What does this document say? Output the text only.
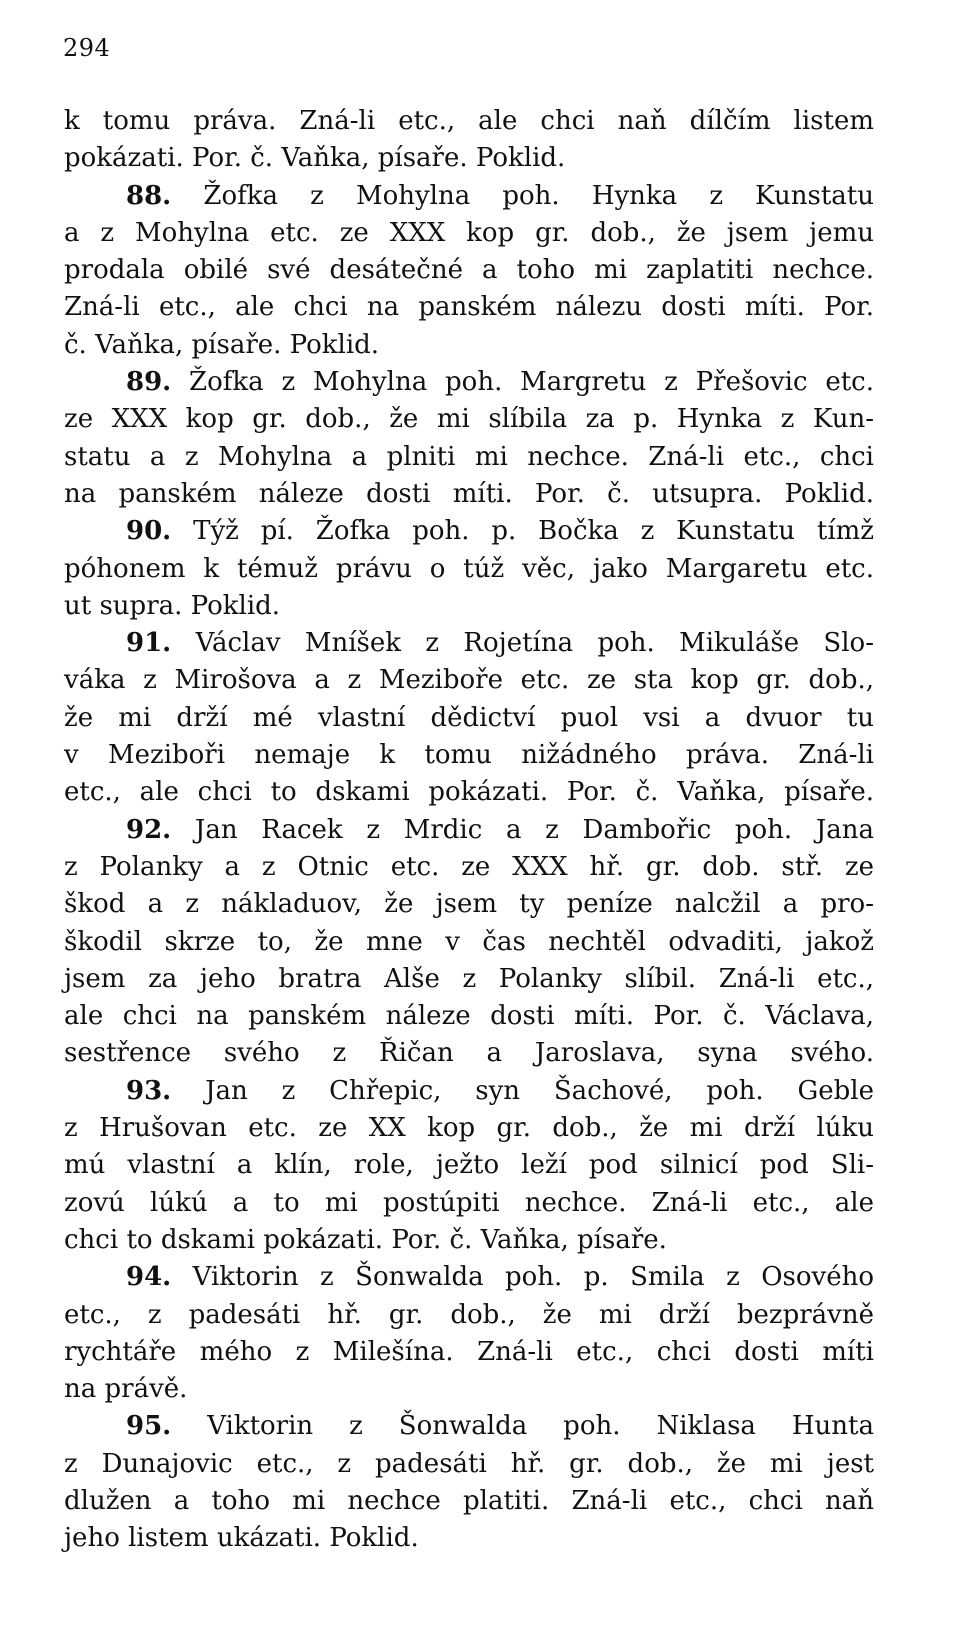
294
k tomu práva. Zná-li etc., ale chci naň dílčím listem
pokázati. Por. č. Vaňka, písaře. Poklid.
88. Žofka z Mohylna poh. Hynka z Kunstatu
a z Mohylna etc. ze XXX kop gr. dob., že jsem jemu
prodala obilé své desátečné a toho mi zaplatiti nechce.
Zná-li etc., ale chci na panském nálezu dosti míti. Por.
č. Vaňka, písaře. Poklid.
89. Žofka z Mohylna poh. Margretu z Přešovic etc.
ze XXX kop gr. dob., že mi slíbila za p. Hynka z Kun-
statu a z Mohylna a plniti mi nechce. Zná-li etc., chci
na panském náleze dosti míti. Por. č. utsupra. Poklid.
90. Týž pí. Žofka poh. p. Bočka z Kunstatu tímž
póhonem k témuž právu o túž věc, jako Margaretu etc.
ut supra. Poklid.
91. Václav Mníšek z Rojetína poh. Mikuláše Slo-
váka z Mirošova a z Meziboře etc. ze sta kop gr. dob.,
že mi drží mé vlastní dědictví puol vsi a dvuor tu
v Meziboři nemaje k tomu nižádného práva. Zná-li
etc., ale chci to dskami pokázati. Por. č. Vaňka, písaře.
92. Jan Racek z Mrdic a z Dambořic poh. Jana
z Polanky a z Otnic etc. ze XXX hř. gr. dob. stř. ze
škod a z nákladuov, že jsem ty peníze nalcžil a pro-
škodil skrze to, že mne v čas nechtěl odvaditi, jakož
jsem za jeho bratra Alše z Polanky slíbil. Zná-li etc.,
ale chci na panském náleze dosti míti. Por. č. Václava,
sestřence svého z Řičan a Jaroslava, syna svého.
93. Jan z Chřepic, syn Šachové, poh. Geble
z Hrušovan etc. ze XX kop gr. dob., že mi drží lúku
mú vlastní a klín, role, ježto leží pod silnicí pod Sli-
zovú lúkú a to mi postúpiti nechce. Zná-li etc., ale
chci to dskami pokázati. Por. č. Vaňka, písaře.
94. Viktorin z Šonwalda poh. p. Smila z Osového
etc., z padesáti hř. gr. dob., že mi drží bezprávně
rychtáře mého z Milešína. Zná-li etc., chci dosti míti
na právě.
95. Viktorin z Šonwalda poh. Niklasa Hunta
z Dunajovic etc., z padesáti hř. gr. dob., že mi jest
dlužen a toho mi nechce platiti. Zná-li etc., chci naň
jeho listem ukázati. Poklid.
